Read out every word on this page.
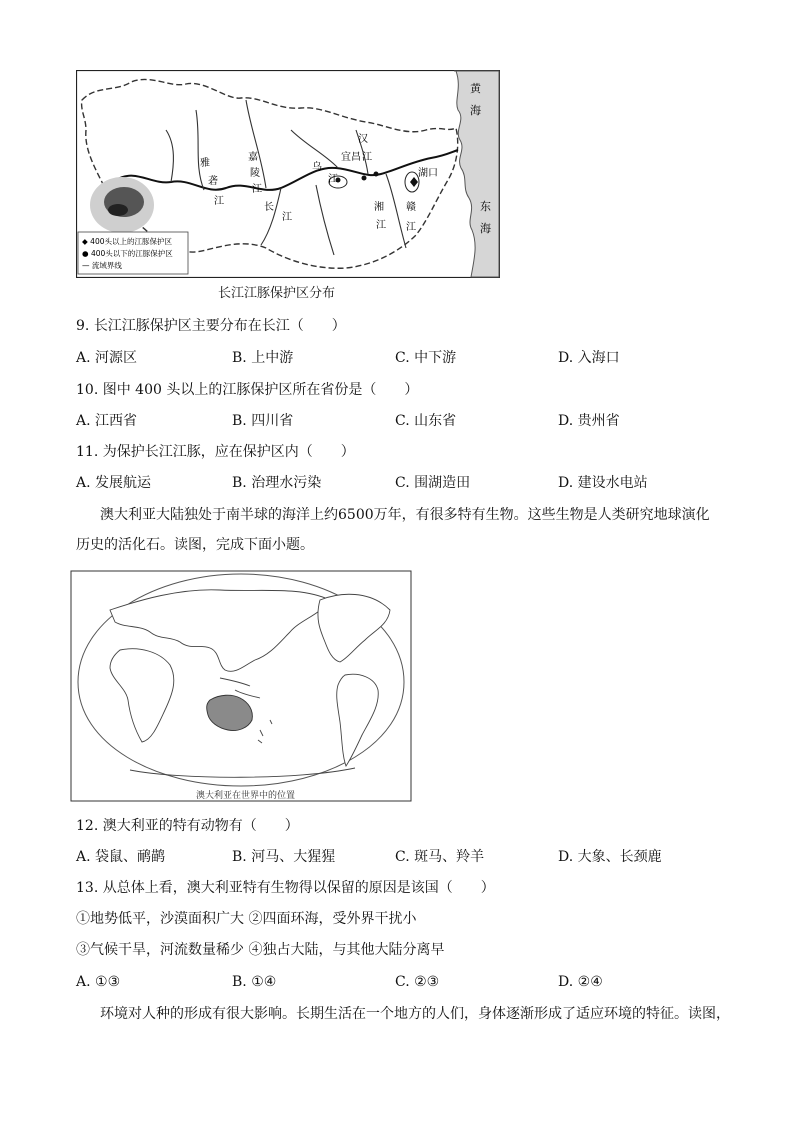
黄
海
东
海
雅
砻
江
嘉
陵
江
汉
江
乌
江
长
江
宜昌
湖口
湘
江
赣
江
◆ 400头以上的江豚保护区
● 400头以下的江豚保护区
— 流域界线
长江江豚保护区分布
9. 长江江豚保护区主要分布在长江（　　）
A. 河源区	B. 上中游	C. 中下游	D. 入海口
10. 图中 400 头以上的江豚保护区所在省份是（　　）
A. 江西省	B. 四川省	C. 山东省	D. 贵州省
11. 为保护长江江豚，应在保护区内（　　）
A. 发展航运	B. 治理水污染	C. 围湖造田	D. 建设水电站
澳大利亚大陆独处于南半球的海洋上约6500万年，有很多特有生物。这些生物是人类研究地球演化
历史的活化石。读图，完成下面小题。
澳大利亚在世界中的位置
12. 澳大利亚的特有动物有（　　）
A. 袋鼠、鸸鹋	B. 河马、大猩猩	C. 斑马、羚羊	D. 大象、长颈鹿
13. 从总体上看，澳大利亚特有生物得以保留的原因是该国（　　）
①地势低平，沙漠面积广大 ②四面环海，受外界干扰小
③气候干旱，河流数量稀少 ④独占大陆，与其他大陆分离早
A. ①③	B. ①④	C. ②③	D. ②④
环境对人种的形成有很大影响。长期生活在一个地方的人们，身体逐渐形成了适应环境的特征。读图，
